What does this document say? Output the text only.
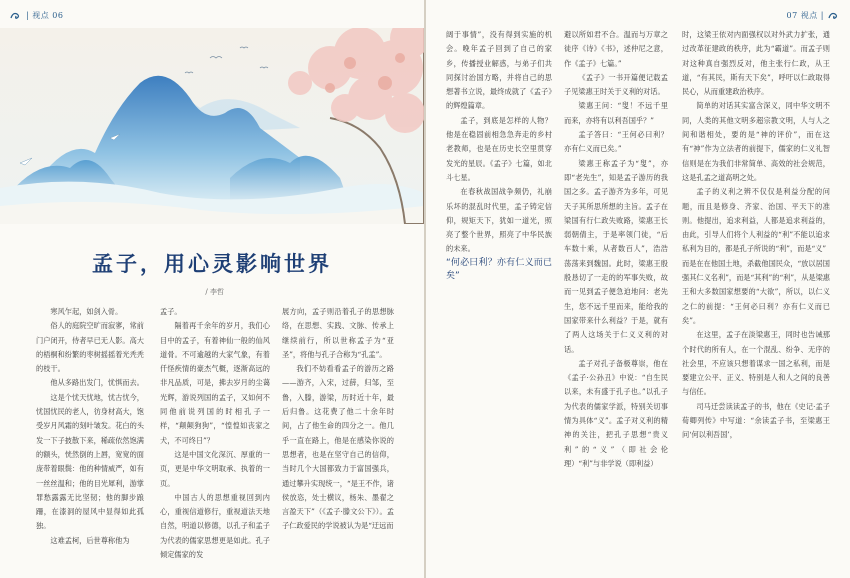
| 视点 06
孟子，用心灵影响世界
/ 李哲

寒风乍起，如剑入骨。

俗人的庭院空旷而寂寥，常前门户闭开，侍者早已无人影。高大的梧桐和纷繁的枣树摇摇着光秃秃的枝干。

他从多路出发门，忧惧而去。

这是个忧天忧地，忧古忧今，忧国忧民的老人，彷身材高大，饱受岁月风霜的刻叶皱发。花白的头发一下子披散下来，稀疏依然饱满的额头，恍然倒的上唇，宽宽的面庞带着眼鬓：他的种情威严，如有一丝丝温和；他的目光犀利，游掌罪愁露露无比坚韧；他的脚步踉跚，在漆洞的屋风中显得如此孤独。

这难孟柯，后世尊称他为

孟子。

隔着再千余年的岁月，我们心目中的孟子，有着神仙一般的仙风道骨。不可逾越的大家气象，有着仟怪疾情的豪杰气概，逐渐高远的非凡品质，可是，拂去岁月的尘蔼光辉，游说列国的孟子，又如何不同他前说列国的时相孔子一样，“颠颠狗狗”，“惶惶如丧家之犬，不可终日”？

这是中国文化深沉、厚重的一页，更是中华文明取承、执着的一页。

中国古人的思想重视回到内心，重视信道修行，重视道法天地自然，明道以修德，以孔子和孟子为代表的儒家思想更是如此。孔子倾定儒家的发

展方向，孟子则沿着孔子的思想脉络，在思想、实践、文脉、传承上继续前行，所以世称孟子为“亚圣”，将他与孔子合称为“孔孟”。

我们不妨看看孟子的游历之路——游齐，入宋，过薛，归邹，至鲁，入滕，游梁，历时近十年，最后归鲁。这花费了他二十余年时间，占了他生命的四分之一。他几乎一直在路上，他是在感染你说的思想者，也是在坚守自己的信仰，当时几个大国都致力于富国强兵，通过攀升实现统一，“是王不作，诸侯放恣，处士横议，杨朱、墨翟之言盈天下”（《孟子·滕文公下》）。孟子仁政爱民的学说被认为是“迂远而

07 视点 |

阔于事情”，没有得到实施的机会。晚年孟子回到了自己的家乡，传播授业解惑，与弟子们共同探讨治国方略，并将自己的思想著书立说，最终成就了《孟子》的辉煌篇章。

孟子，到底是怎样的人物？他是在稳固前相急急奔走的乡村老教师，也是在历史长空里贯穿发光的星辰。《孟子》七篇，如北斗七星。

在春秋战国战争频仍，礼崩乐坏的混乱时代里，孟子铸定信仰，规矩天下，犹如一道光，照亮了整个世界，照亮了中华民族的未来。

“何必曰利？亦有仁义而已矣”

避以所如君不合。温而与万章之徒序《诗》《书》，述仲尼之意，作《孟子》七篇。”

《孟子》一书开篇便记载孟子见梁惠王时关于义利的对话。

梁惠王问：“叟！不远千里而来，亦将有以利吾国乎？”

孟子答曰：“王何必曰利？亦有仁义而已矣。”

梁惠王称孟子为“叟”，亦即“老先生”，知是孟子游历的我国之多。孟子游齐为多年，可见天子其所思所想的主旨。孟子在梁国有行仁政失败路，梁惠王长弱朝倩主，于是率领门徒，“后车数十乘，从者数百人”，浩浩荡荡来到魏国。此时，梁惠王殷殷恳切了一走的的军事失败，故而一见到孟子便急迫地问：老先生，您不远千里而来，能给我的国家带来什么利益？于是，就有了两人这场关于仁义义利的对话。

孟子对孔子备极尊崇，他在《孟子·公孙丑》中说：“自生民以来，未有盛于孔子也。”以孔子为代表的儒家学派，特别关切事情为具体“义”。孟子对义利的精神的关注，把孔子思想“贵义利”的“义”（即社会伦理）“利”与非学说（即利益）

时，这梁王依对内面强权以对外武力扩张，通过改革征建政的秩序，此为“霸道”。而孟子则对这种真自强烈反对，他主张行仁政，从王道，“有其民，斯有天下矣”，呼吁以仁政取得民心，从而重建政治秩序。

简单的对话其实富含深义，同中华文明不同，人类的其他文明多超宗教文明，人与人之间和谐相处，要的是“神的评价”，而在这有“神”作为立法者的前提下，儒家的仁义礼智信则是在为我们非常简单、高效的社会规范，这是孔孟之道高明之处。

孟子的义利之辨不仅仅是利益分配的问题，而且是修身、齐家、治国、平天下的准则。他提出，追求利益，人都是追求利益的，由此，引导人们将个人利益的“利”不能以追求私利为目的，都是孔子所说的“利”，而是“义”

而是在在他国土地，杀截他国民众，“放以居国强其仁义名利”，而是“其利”的“利”，从是梁惠王和大多数国家想要的“大欲”，所以，以仁义之仁的前提：“王何必曰利？亦有仁义而已矣”。

在这里，孟子在淡梁惠王，同时也告诫那个时代的所有人，在一个混乱、纷争、无序的社会里，不应该只想着谋求一国之私利，而是要建立公平、正义、特别是人和人之间的良善与信任。

司马迁尝读读孟子的书，他在《史记·孟子荀卿列传》中写道：“余读孟子书，至梁惠王问‘何以利吾国’，
